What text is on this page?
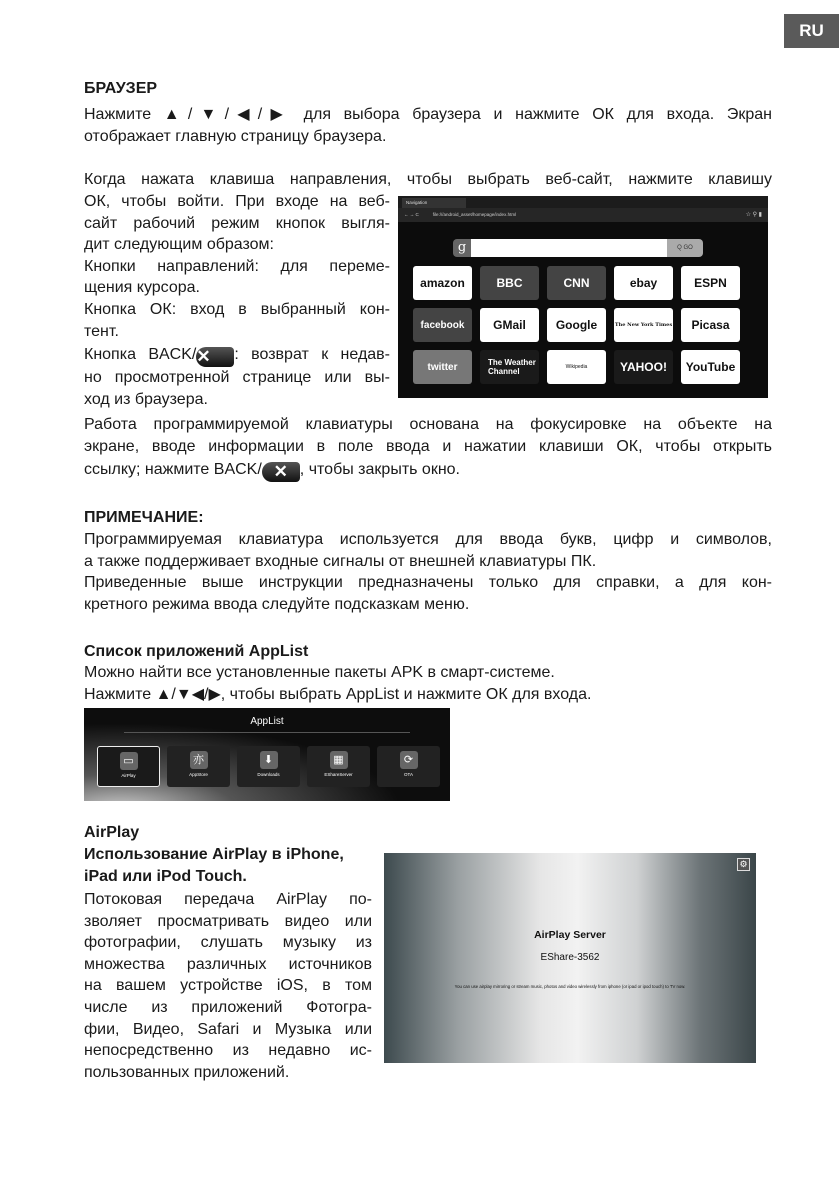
RU
БРАУЗЕР
Нажмите ▲/▼/◀/▶ для выбора браузера и нажмите ОК для входа. Экран
отображает главную страницу браузера.
Когда нажата клавиша направления, чтобы выбрать веб-сайт, нажмите клавишу
ОК, чтобы войти. При входе на веб-
сайт рабочий режим кнопок выгля-
дит следующим образом:
Кнопки направлений: для переме-
щения курсора.
Кнопка ОК: вход в выбранный кон-
тент.
Кнопка BACK/✕ : возврат к недав-
но просмотренной странице или вы-
ход из браузера.
Работа программируемой клавиатуры основана на фокусировке на объекте на
экране, вводе информации в поле ввода и нажатии клавиши ОК, чтобы открыть
ссылку; нажмите BACK/ ✕ , чтобы закрыть окно.
Navigation
← → C	file:///android_asset/homepage/index.html	☆ ⚲ ▮
g	Q GO
amazon	BBC	CNN	ebay	ESPN
facebook	GMail	Google	The New York Times	Picasa
twitter	The Weather Channel
Wikipedia	YAHOO!	YouTube
ПРИМЕЧАНИЕ:
Программируемая клавиатура используется для ввода букв, цифр и символов,
а также поддерживает входные сигналы от внешней клавиатуры ПК.
Приведенные выше инструкции предназначены только для справки, а для кон-
кретного режима ввода следуйте подсказкам меню.
Список приложений AppList
Можно найти все установленные пакеты APK в смарт-системе.
Нажмите ▲/▼◀/▶, чтобы выбрать AppList и нажмите ОК для входа.
AppList
▭
AirPlay
亦
AppStore
⬇
Downloads
▦
EShareServer
⟳
OTA
AirPlay
Использование AirPlay в iPhone,
iPad или iPod Touch.
Потоковая передача AirPlay по-
зволяет просматривать видео или
фотографии, слушать музыку из
множества различных источников
на вашем устройстве iOS, в том
числе из приложений Фотогра-
фии, Видео, Safari и Музыка или
непосредственно из недавно ис-
пользованных приложений.
⚙
AirPlay Server
EShare-3562
You can use airplay mirroring or stream music, photos and video wirelessly from iphone (or ipad or ipod touch) to TV now.
